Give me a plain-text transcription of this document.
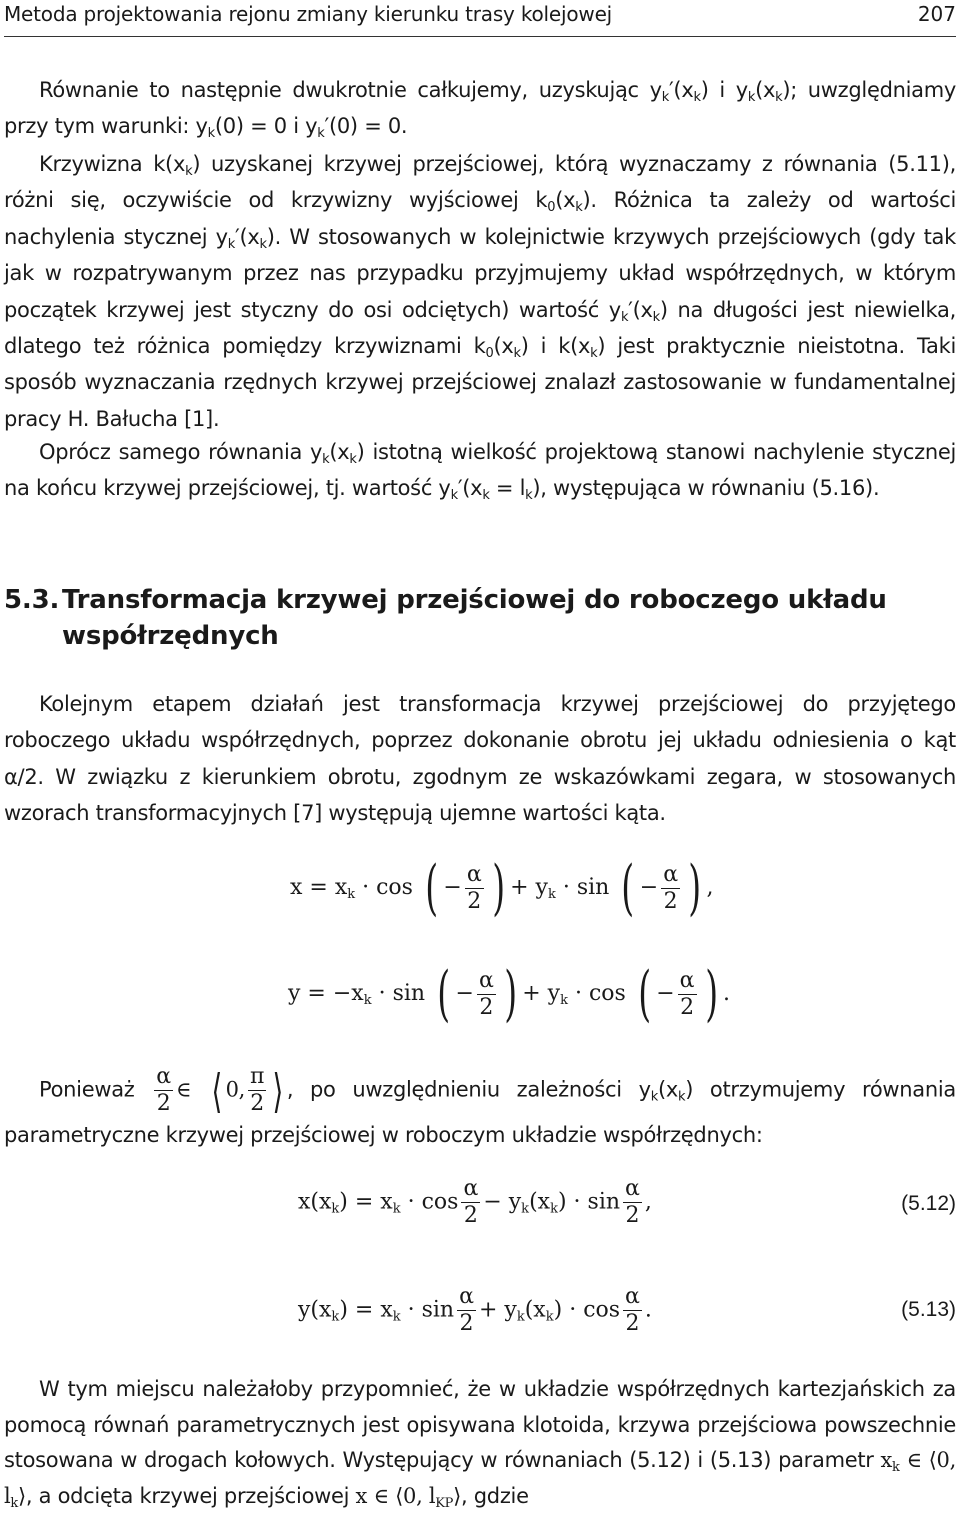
Metoda projektowania rejonu zmiany kierunku trasy kolejowej	207

Równanie to następnie dwukrotnie całkujemy, uzyskując $y_k'(x_k)$ i $y_k(x_k)$; uwzględniamy przy tym warunki: $y_k(0) = 0$ i $y_k'(0) = 0$.

Krzywizna $k(x_k)$ uzyskanej krzywej przejściowej, którą wyznaczamy z równania (5.11), różni się, oczywiście od krzywizny wyjściowej $k_0(x_k)$. Różnica ta zależy od wartości nachylenia stycznej $y_k'(x_k)$. W stosowanych w kolejnictwie krzywych przejściowych (gdy tak jak w rozpatrywanym przez nas przypadku przyjmujemy układ współrzędnych, w którym początek krzywej jest styczny do osi odciętych) wartość $y_k'(x_k)$ na długości jest niewielka, dlatego też różnica pomiędzy krzywiznami $k_0(x_k)$ i $k(x_k)$ jest praktycznie nieistotna. Taki sposób wyznaczania rzędnych krzywej przejściowej znalazł zastosowanie w fundamentalnej pracy H. Bałucha [1].

Oprócz samego równania $y_k(x_k)$ istotną wielkość projektową stanowi nachylenie stycznej na końcu krzywej przejściowej, tj. wartość $y_k'(x_k = l_k)$, występująca w równaniu (5.16).

5.3. Transformacja krzywej przejściowej do roboczego układu
współrzędnych

Kolejnym etapem działań jest transformacja krzywej przejściowej do przyjętego roboczego układu współrzędnych, poprzez dokonanie obrotu jej układu odniesienia o kąt α/2. W związku z kierunkiem obrotu, zgodnym ze wskazówkami zegara, w stosowanych wzorach transformacyjnych [7] występują ujemne wartości kąta.

$x = x_k \cdot \cos$ ( − $\frac{\alpha}{2}$ ) + $y_k \cdot \sin$ ( − $\frac{\alpha}{2}$ ) ,
$y = -x_k \cdot \sin$ ( − $\frac{\alpha}{2}$ ) + $y_k \cdot \cos$ ( − $\frac{\alpha}{2}$ ) .
Ponieważ $\frac{\alpha}{2}$ ∈ ⟨ 0, $\frac{\pi}{2}$ ⟩ , po uwzględnieniu zależności $y_k(x_k)$ otrzymujemy równania parametryczne krzywej przejściowej w roboczym układzie współrzędnych:
$x(x_k) = x_k \cdot \cos \frac{\alpha}{2} - y_k(x_k) \cdot \sin \frac{\alpha}{2}$ ,	(5.12)
$y(x_k) = x_k \cdot \sin \frac{\alpha}{2} + y_k(x_k) \cdot \cos \frac{\alpha}{2}$ .	(5.13)

W tym miejscu należałoby przypomnieć, że w układzie współrzędnych kartezjańskich za pomocą równań parametrycznych jest opisywana klotoida, krzywa przejściowa powszechnie stosowana w drogach kołowych. Występujący w równaniach (5.12) i (5.13) parametr $x_k$ ∈ ⟨0, $l_k⟩$, a odcięta krzywej przejściowej x ∈ ⟨0, $l_{KP}⟩$, gdzie
